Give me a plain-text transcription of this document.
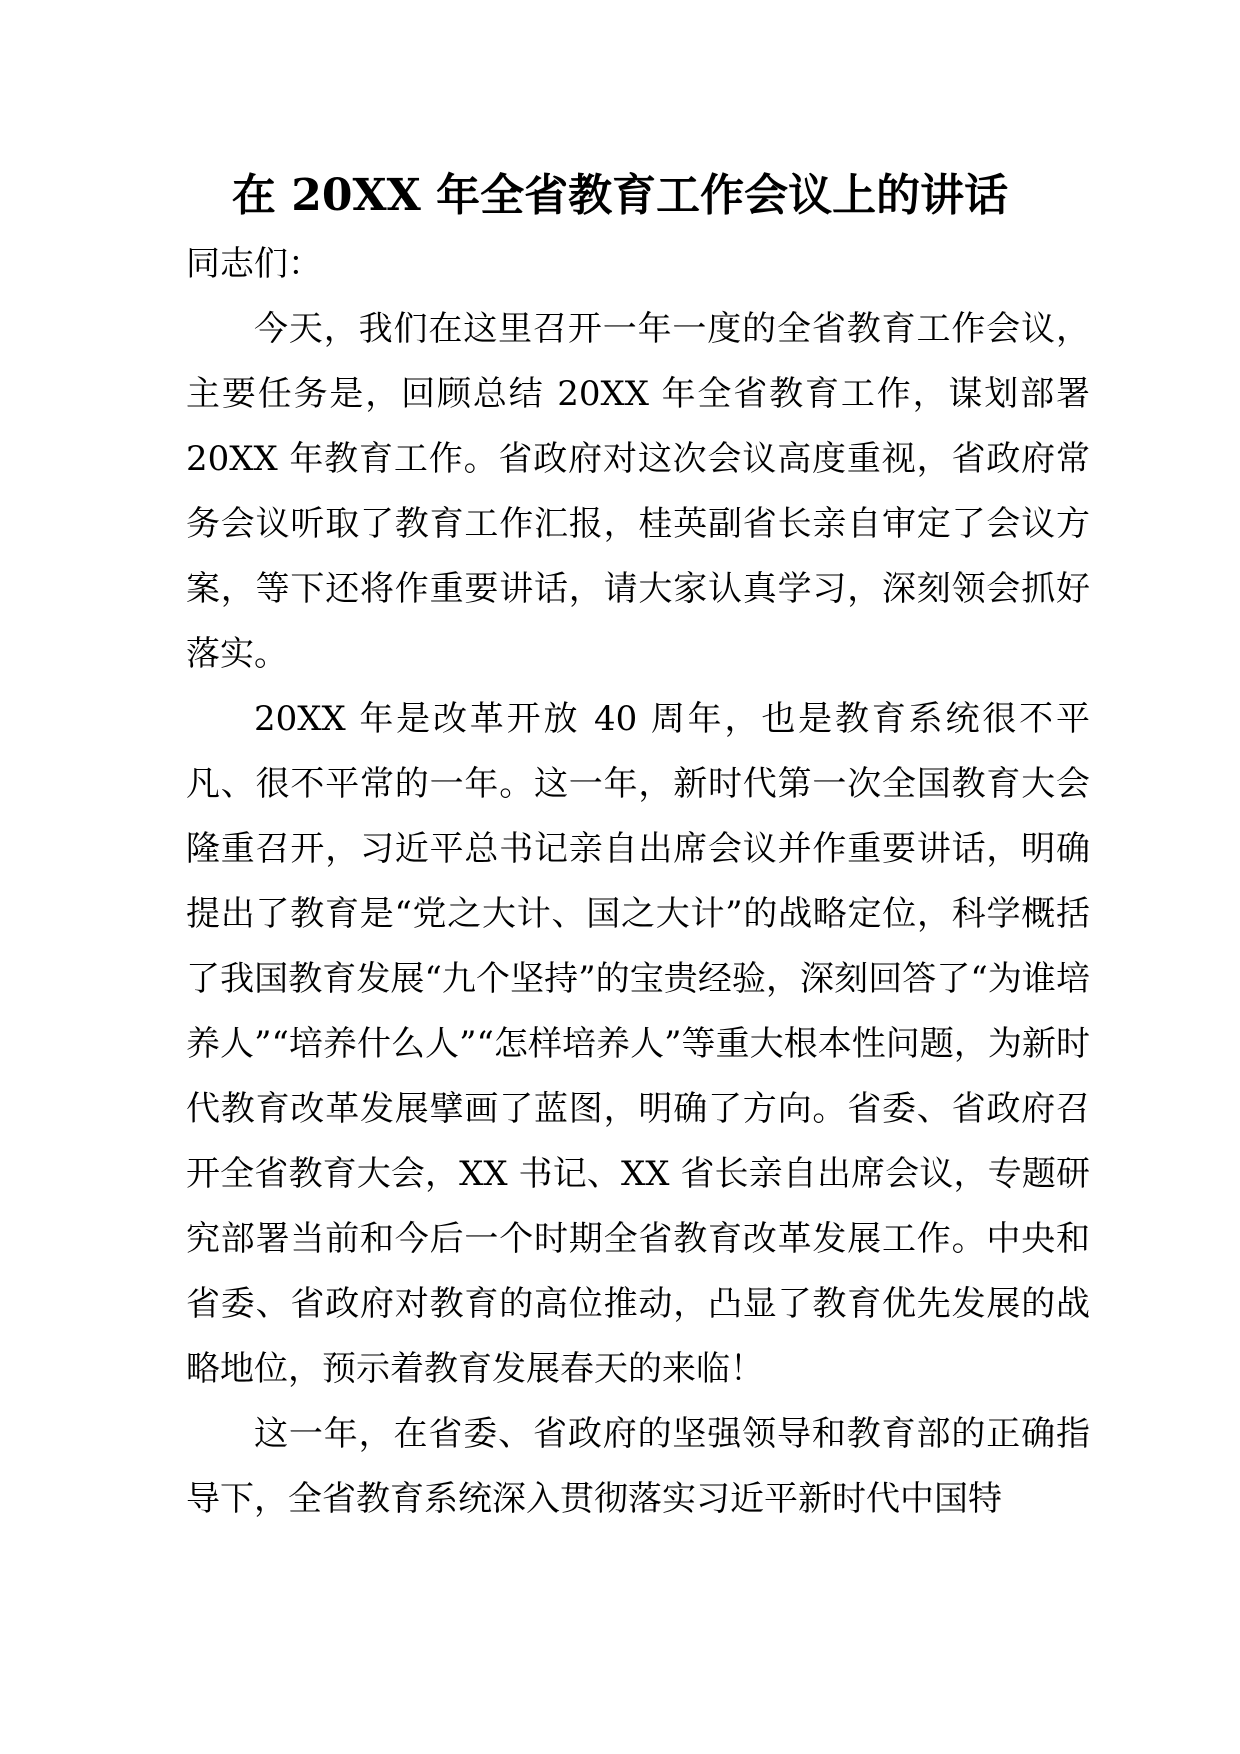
在 20XX 年全省教育工作会议上的讲话

同志们：

今天，我们在这里召开一年一度的全省教育工作会议，主要任务是，回顾总结 20XX 年全省教育工作，谋划部署 20XX 年教育工作。省政府对这次会议高度重视，省政府常务会议听取了教育工作汇报，桂英副省长亲自审定了会议方案，等下还将作重要讲话，请大家认真学习，深刻领会抓好落实。

20XX 年是改革开放 40 周年，也是教育系统很不平凡、很不平常的一年。这一年，新时代第一次全国教育大会隆重召开，习近平总书记亲自出席会议并作重要讲话，明确提出了教育是“党之大计、国之大计”的战略定位，科学概括了我国教育发展“九个坚持”的宝贵经验，深刻回答了“为谁培养人”“培养什么人”“怎样培养人”等重大根本性问题，为新时代教育改革发展擘画了蓝图，明确了方向。省委、省政府召开全省教育大会，XX 书记、XX 省长亲自出席会议，专题研究部署当前和今后一个时期全省教育改革发展工作。中央和省委、省政府对教育的高位推动，凸显了教育优先发展的战略地位，预示着教育发展春天的来临！

这一年，在省委、省政府的坚强领导和教育部的正确指导下，全省教育系统深入贯彻落实习近平新时代中国特
